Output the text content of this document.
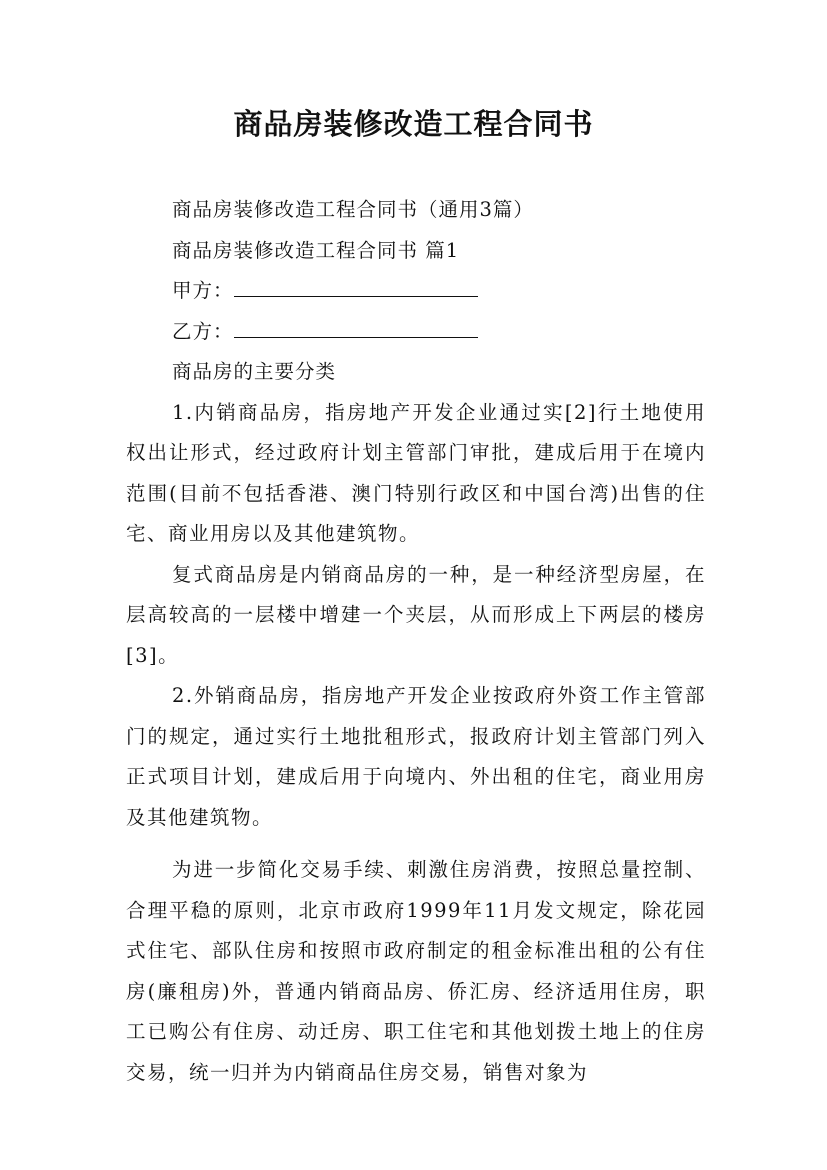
商品房装修改造工程合同书

商品房装修改造工程合同书（通用3篇）

商品房装修改造工程合同书 篇1

甲方：

乙方：

商品房的主要分类

1.内销商品房，指房地产开发企业通过实[2]行土地使用权出让形式，经过政府计划主管部门审批，建成后用于在境内范围(目前不包括香港、澳门特别行政区和中国台湾)出售的住宅、商业用房以及其他建筑物。

复式商品房是内销商品房的一种，是一种经济型房屋，在层高较高的一层楼中增建一个夹层，从而形成上下两层的楼房[3]。

2.外销商品房，指房地产开发企业按政府外资工作主管部门的规定，通过实行土地批租形式，报政府计划主管部门列入正式项目计划，建成后用于向境内、外出租的住宅，商业用房及其他建筑物。

为进一步简化交易手续、刺激住房消费，按照总量控制、合理平稳的原则，北京市政府1999年11月发文规定，除花园式住宅、部队住房和按照市政府制定的租金标准出租的公有住房(廉租房)外，普通内销商品房、侨汇房、经济适用住房，职工已购公有住房、动迁房、职工住宅和其他划拨土地上的住房交易，统一归并为内销商品住房交易，销售对象为
